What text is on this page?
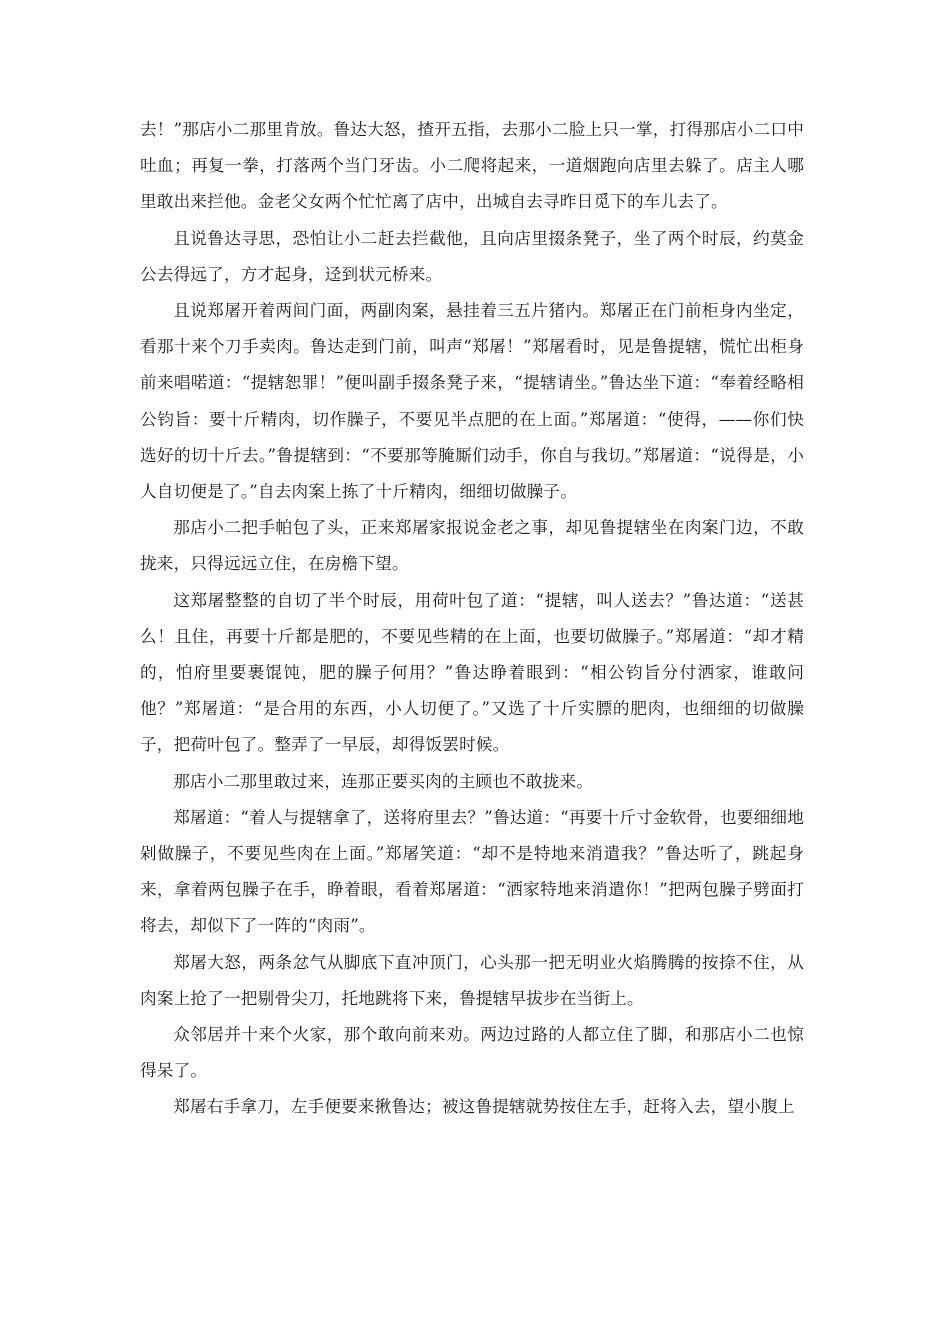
去！”那店小二那里肯放。鲁达大怒，揸开五指，去那小二脸上只一掌，打得那店小二口中吐血；再复一拳，打落两个当门牙齿。小二爬将起来，一道烟跑向店里去躲了。店主人哪里敢出来拦他。金老父女两个忙忙离了店中，出城自去寻昨日觅下的车儿去了。

且说鲁达寻思，恐怕让小二赶去拦截他，且向店里掇条凳子，坐了两个时辰，约莫金公去得远了，方才起身，迳到状元桥来。

且说郑屠开着两间门面，两副肉案，悬挂着三五片猪内。郑屠正在门前柜身内坐定，看那十来个刀手卖肉。鲁达走到门前，叫声“郑屠！”郑屠看时，见是鲁提辖，慌忙出柜身前来唱喏道：“提辖恕罪！”便叫副手掇条凳子来，“提辖请坐。”鲁达坐下道：“奉着经略相公钧旨：要十斤精肉，切作臊子，不要见半点肥的在上面。”郑屠道：“使得，——你们快选好的切十斤去。”鲁提辖到：“不要那等腌厮们动手，你自与我切。”郑屠道：“说得是，小人自切便是了。”自去肉案上拣了十斤精肉，细细切做臊子。

那店小二把手帕包了头，正来郑屠家报说金老之事，却见鲁提辖坐在肉案门边，不敢拢来，只得远远立住，在房檐下望。

这郑屠整整的自切了半个时辰，用荷叶包了道：“提辖，叫人送去？”鲁达道：“送甚么！且住，再要十斤都是肥的，不要见些精的在上面，也要切做臊子。”郑屠道：“却才精的，怕府里要裹馄饨，肥的臊子何用？”鲁达睁着眼到：“相公钧旨分付洒家，谁敢问他？”郑屠道：“是合用的东西，小人切便了。”又选了十斤实膘的肥肉，也细细的切做臊子，把荷叶包了。整弄了一早辰，却得饭罢时候。

那店小二那里敢过来，连那正要买肉的主顾也不敢拢来。

郑屠道：“着人与提辖拿了，送将府里去？”鲁达道：“再要十斤寸金软骨，也要细细地剁做臊子，不要见些肉在上面。”郑屠笑道：“却不是特地来消遣我？”鲁达听了，跳起身来，拿着两包臊子在手，睁着眼，看着郑屠道：“洒家特地来消遣你！”把两包臊子劈面打将去，却似下了一阵的“肉雨”。

郑屠大怒，两条忿气从脚底下直冲顶门，心头那一把无明业火焰腾腾的按捺不住，从肉案上抢了一把剔骨尖刀，托地跳将下来，鲁提辖早拔步在当街上。

众邻居并十来个火家，那个敢向前来劝。两边过路的人都立住了脚，和那店小二也惊得呆了。

郑屠右手拿刀，左手便要来揪鲁达；被这鲁提辖就势按住左手，赶将入去，望小腹上
